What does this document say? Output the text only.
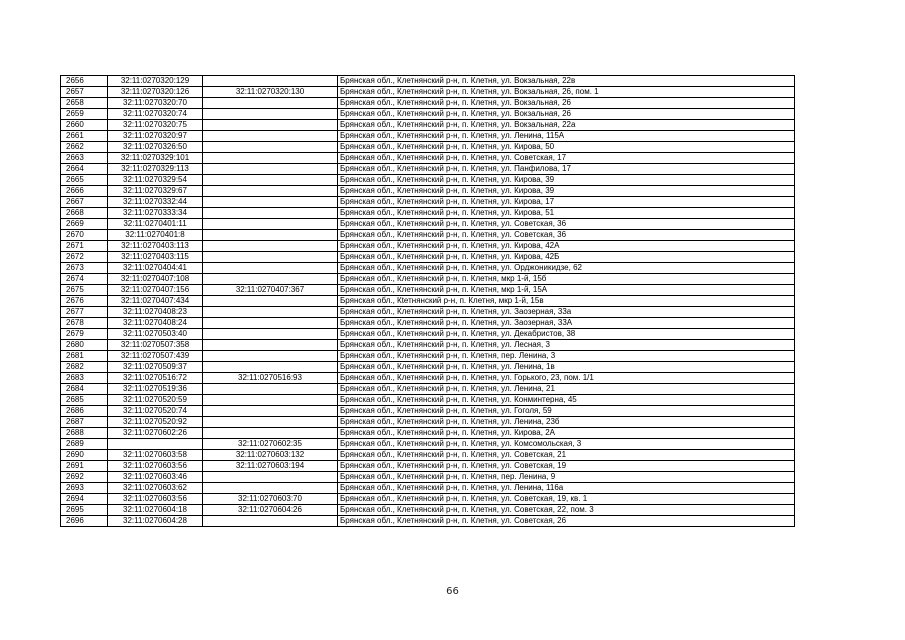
2656	32:11:0270320:129		Брянская обл., Клетнянский р-н, п. Клетня, ул. Вокзальная, 22в
2657	32:11:0270320:126	32:11:0270320:130	Брянская обл., Клетнянский р-н, п. Клетня, ул. Вокзальная, 26, пом. 1
2658	32:11:0270320:70		Брянская обл., Клетнянский р-н, п. Клетня, ул. Вокзальная, 26
2659	32:11:0270320:74		Брянская обл., Клетнянский р-н, п. Клетня, ул. Вокзальная, 26
2660	32:11:0270320:75		Брянская обл., Клетнянский р-н, п. Клетня, ул. Вокзальная, 22а
2661	32:11:0270320:97		Брянская обл., Клетнянский р-н, п. Клетня, ул. Ленина, 115А
2662	32:11:0270326:50		Брянская обл., Клетнянский р-н, п. Клетня, ул. Кирова, 50
2663	32:11:0270329:101		Брянская обл., Клетнянский р-н, п. Клетня, ул. Советская, 17
2664	32:11:0270329:113		Брянская обл., Клетнянский р-н, п. Клетня, ул. Панфилова, 17
2665	32:11:0270329:54		Брянская обл., Клетнянский р-н, п. Клетня, ул. Кирова, 39
2666	32:11:0270329:67		Брянская обл., Клетнянский р-н, п. Клетня, ул. Кирова, 39
2667	32:11:0270332:44		Брянская обл., Клетнянский р-н, п. Клетня, ул. Кирова, 17
2668	32:11:0270333:34		Брянская обл., Клетнянский р-н, п. Клетня, ул. Кирова, 51
2669	32:11:0270401:11		Брянская обл., Клетнянский р-н, п. Клетня, ул. Советская, 36
2670	32:11:0270401:8		Брянская обл., Клетнянский р-н, п. Клетня, ул. Советская, 36
2671	32:11:0270403:113		Брянская обл., Клетнянский р-н, п. Клетня, ул. Кирова, 42А
2672	32:11:0270403:115		Брянская обл., Клетнянский р-н, п. Клетня, ул. Кирова, 42Б
2673	32:11:0270404:41		Брянская обл., Клетнянский р-н, п. Клетня, ул. Орджоникидзе, 62
2674	32:11:0270407:108		Брянская обл., Клетнянский р-н, п. Клетня, мкр 1-й, 15б
2675	32:11:0270407:156	32:11:0270407:367	Брянская обл., Клетнянский р-н, п. Клетня, мкр 1-й, 15А
2676	32:11:0270407:434		Брянская обл., Кtетнянский р-н, п. Клетня, мкр 1-й, 15в
2677	32:11:0270408:23		Брянская обл., Клетнянский р-н, п. Клетня, ул. Заозерная, 33а
2678	32:11:0270408:24		Брянская обл., Клетнянский р-н, п. Клетня, ул. Заозерная, 33А
2679	32:11:0270503:40		Брянская обл., Клетнянский р-н, п. Клетня, ул. Декабристов, 38
2680	32:11:0270507:358		Брянская обл., Клетнянский р-н, п. Клетня, ул. Лесная, 3
2681	32:11:0270507:439		Брянская обл., Клетнянский р-н, п. Клетня, пер. Ленина, 3
2682	32:11:0270509:37		Брянская обл., Клетнянский р-н, п. Клетня, ул. Ленина, 1в
2683	32:11:0270516:72	32:11:0270516:93	Брянская обл., Клетнянский р-н, п. Клетня, ул. Горького, 23, пом. 1/1
2684	32:11:0270519:36		Брянская обл., Клетнянский р-н, п. Клетня, ул. Ленина, 21
2685	32:11:0270520:59		Брянская обл., Клетнянский р-н, п. Клетня, ул. Конминтерна, 45
2686	32:11:0270520:74		Брянская обл., Клетнянский р-н, п. Клетня, ул. Гоголя, 59
2687	32:11:0270520:92		Брянская обл., Клетнянский р-н, п. Клетня, ул. Ленина, 23б
2688	32:11:0270602:26		Брянская обл., Клетнянский р-н, п. Клетня, ул. Кирова, 2А
2689		32:11:0270602:35	Брянская обл., Клетнянский р-н, п. Клетня, ул. Комсомольская, 3
2690	32:11:0270603:58	32:11:0270603:132	Брянская обл., Клетнянский р-н, п. Клетня, ул. Советская, 21
2691	32:11:0270603:56	32:11:0270603:194	Брянская обл., Клетнянский р-н, п. Клетня, ул. Советская, 19
2692	32:11:0270603:46		Брянская обл., Клетнянский р-н, п. Клетня, пер. Ленина, 9
2693	32:11:0270603:62		Брянская обл., Клетнянский р-н, п. Клетня, ул. Ленина, 116а
2694	32:11:0270603:56	32:11:0270603:70	Брянская обл., Клетнянский р-н, п. Клетня, ул. Советская, 19, кв. 1
2695	32:11:0270604:18	32:11:0270604:26	Брянская обл., Клетнянский р-н, п. Клетня, ул. Советская, 22, пом. 3
2696	32:11:0270604:28		Брянская обл., Клетнянский р-н, п. Клетня, ул. Советская, 26
66
